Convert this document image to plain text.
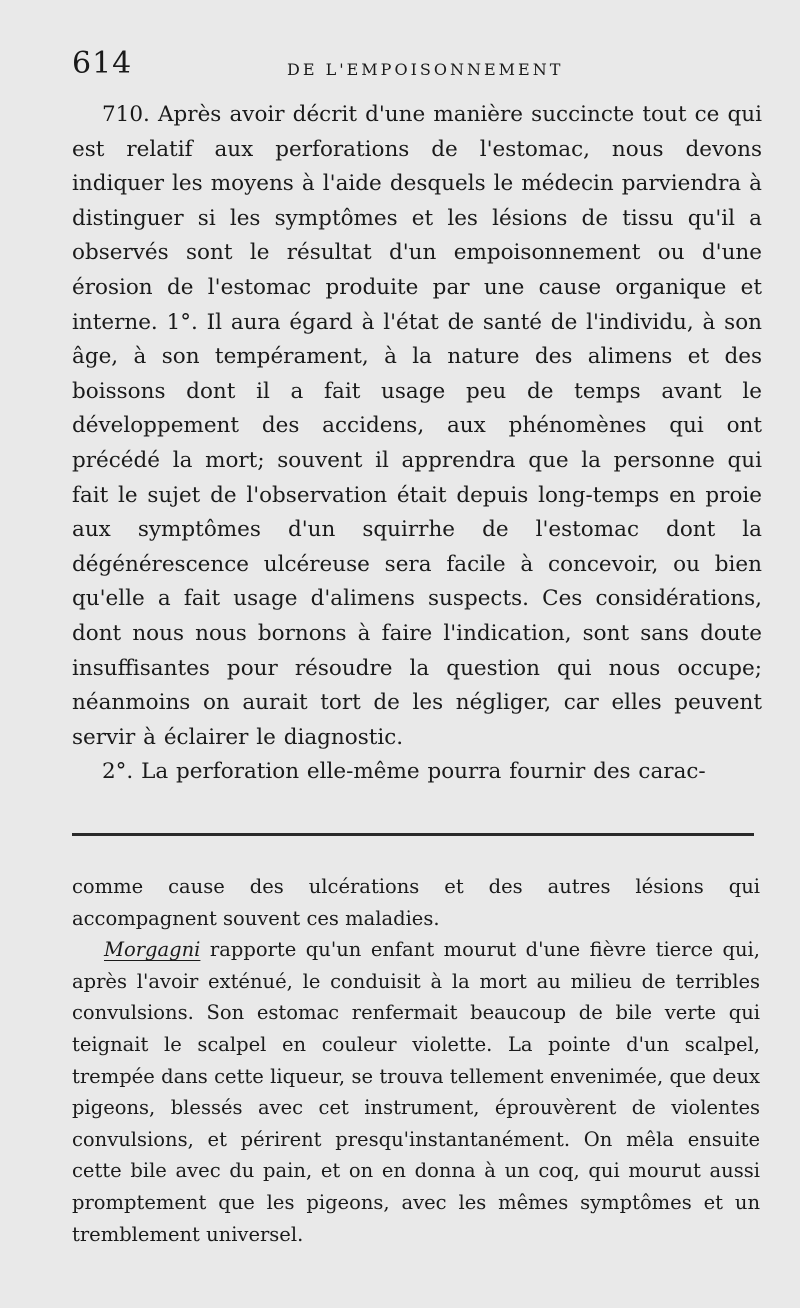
614	DE L'EMPOISONNEMENT

710. Après avoir décrit d'une manière succincte tout ce qui est relatif aux perforations de l'estomac, nous devons indiquer les moyens à l'aide desquels le médecin parviendra à distinguer si les symptômes et les lésions de tissu qu'il a observés sont le résultat d'un empoisonnement ou d'une érosion de l'estomac produite par une cause organique et interne. 1°. Il aura égard à l'état de santé de l'individu, à son âge, à son tempérament, à la nature des alimens et des boissons dont il a fait usage peu de temps avant le développement des accidens, aux phénomènes qui ont précédé la mort; souvent il apprendra que la personne qui fait le sujet de l'observation était depuis long-temps en proie aux symptômes d'un squirrhe de l'estomac dont la dégénérescence ulcéreuse sera facile à concevoir, ou bien qu'elle a fait usage d'alimens suspects. Ces considérations, dont nous nous bornons à faire l'indication, sont sans doute insuffisantes pour résoudre la question qui nous occupe; néanmoins on aurait tort de les négliger, car elles peuvent servir à éclairer le diagnostic.

2°. La perforation elle-même pourra fournir des carac-

comme cause des ulcérations et des autres lésions qui accompagnent souvent ces maladies.

Morgagni rapporte qu'un enfant mourut d'une fièvre tierce qui, après l'avoir exténué, le conduisit à la mort au milieu de terribles convulsions. Son estomac renfermait beaucoup de bile verte qui teignait le scalpel en couleur violette. La pointe d'un scalpel, trempée dans cette liqueur, se trouva tellement envenimée, que deux pigeons, blessés avec cet instrument, éprouvèrent de violentes convulsions, et périrent presqu'instantanément. On mêla ensuite cette bile avec du pain, et on en donna à un coq, qui mourut aussi promptement que les pigeons, avec les mêmes symptômes et un tremblement universel.
